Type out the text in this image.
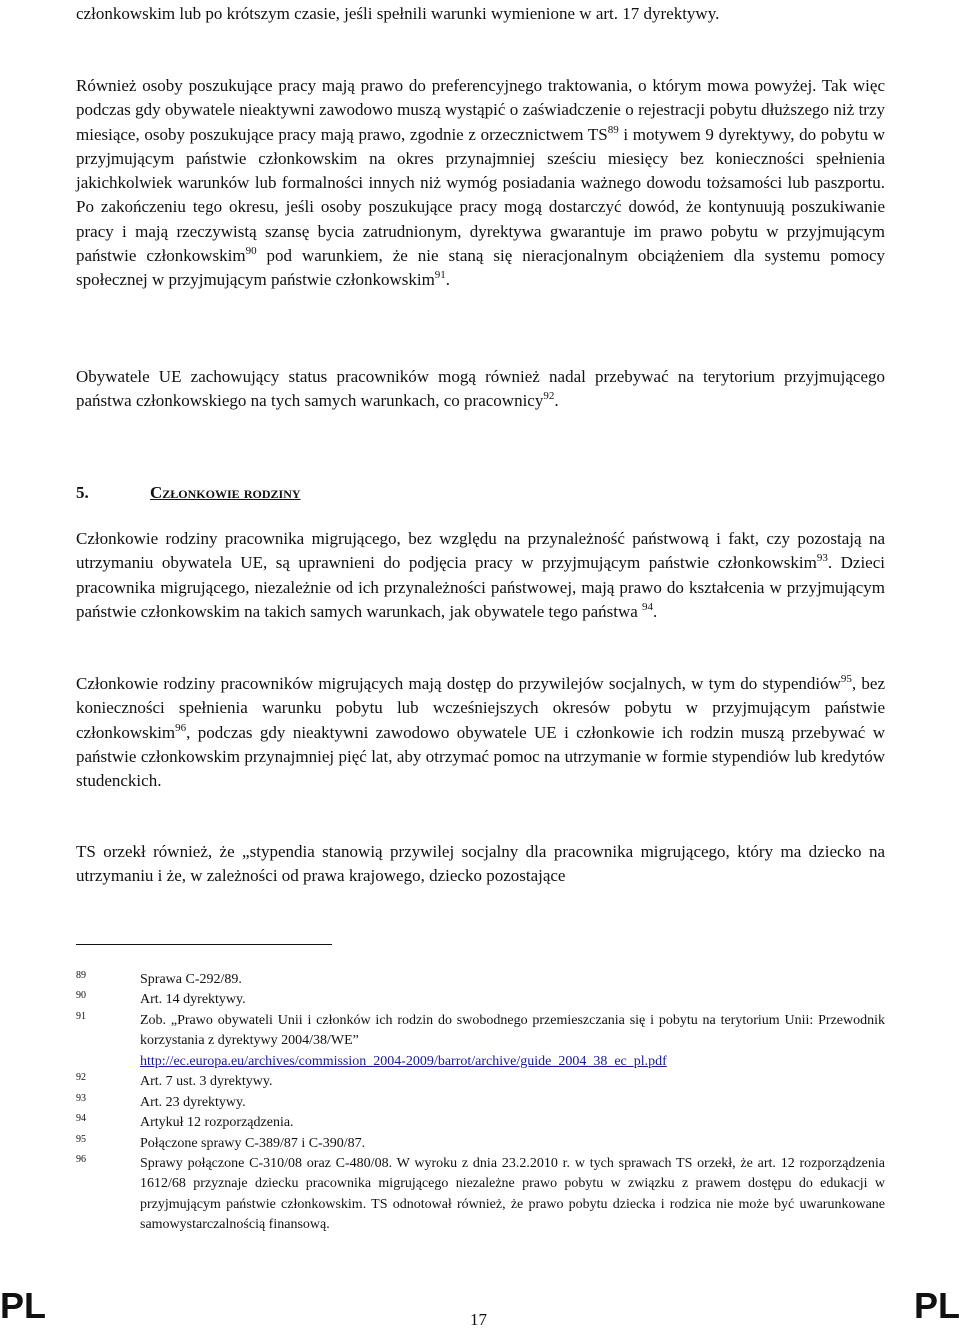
członkowskim lub po krótszym czasie, jeśli spełnili warunki wymienione w art. 17 dyrektywy.

Również osoby poszukujące pracy mają prawo do preferencyjnego traktowania, o którym mowa powyżej. Tak więc podczas gdy obywatele nieaktywni zawodowo muszą wystąpić o zaświadczenie o rejestracji pobytu dłuższego niż trzy miesiące, osoby poszukujące pracy mają prawo, zgodnie z orzecznictwem TS$^{89}$ i motywem 9 dyrektywy, do pobytu w przyjmującym państwie członkowskim na okres przynajmniej sześciu miesięcy bez konieczności spełnienia jakichkolwiek warunków lub formalności innych niż wymóg posiadania ważnego dowodu tożsamości lub paszportu. Po zakończeniu tego okresu, jeśli osoby poszukujące pracy mogą dostarczyć dowód, że kontynuują poszukiwanie pracy i mają rzeczywistą szansę bycia zatrudnionym, dyrektywa gwarantuje im prawo pobytu w przyjmującym państwie członkowskim$^{90}$ pod warunkiem, że nie staną się nieracjonalnym obciążeniem dla systemu pomocy społecznej w przyjmującym państwie członkowskim$^{91}$.

Obywatele UE zachowujący status pracowników mogą również nadal przebywać na terytorium przyjmującego państwa członkowskiego na tych samych warunkach, co pracownicy$^{92}$.

5.	Członkowie rodziny

Członkowie rodziny pracownika migrującego, bez względu na przynależność państwową i fakt, czy pozostają na utrzymaniu obywatela UE, są uprawnieni do podjęcia pracy w przyjmującym państwie członkowskim$^{93}$. Dzieci pracownika migrującego, niezależnie od ich przynależności państwowej, mają prawo do kształcenia w przyjmującym państwie członkowskim na takich samych warunkach, jak obywatele tego państwa $^{94}$.

Członkowie rodziny pracowników migrujących mają dostęp do przywilejów socjalnych, w tym do stypendiów$^{95}$, bez konieczności spełnienia warunku pobytu lub wcześniejszych okresów pobytu w przyjmującym państwie członkowskim$^{96}$, podczas gdy nieaktywni zawodowo obywatele UE i członkowie ich rodzin muszą przebywać w państwie członkowskim przynajmniej pięć lat, aby otrzymać pomoc na utrzymanie w formie stypendiów lub kredytów studenckich.

TS orzekł również, że „stypendia stanowią przywilej socjalny dla pracownika migrującego, który ma dziecko na utrzymaniu i że, w zależności od prawa krajowego, dziecko pozostające

89	Sprawa C-292/89.
90	Art. 14 dyrektywy.
91	Zob. „Prawo obywateli Unii i członków ich rodzin do swobodnego przemieszczania się i pobytu na terytorium Unii: Przewodnik korzystania z dyrektywy 2004/38/WE”
http://ec.europa.eu/archives/commission_2004-2009/barrot/archive/guide_2004_38_ec_pl.pdf
92	Art. 7 ust. 3 dyrektywy.
93	Art. 23 dyrektywy.
94	Artykuł 12 rozporządzenia.
95	Połączone sprawy C-389/87 i C-390/87.
96	Sprawy połączone C-310/08 oraz C-480/08. W wyroku z dnia 23.2.2010 r. w tych sprawach TS orzekł, że art. 12 rozporządzenia 1612/68 przyznaje dziecku pracownika migrującego niezależne prawo pobytu w związku z prawem dostępu do edukacji w przyjmującym państwie członkowskim. TS odnotował również, że prawo pobytu dziecka i rodzica nie może być uwarunkowane samowystarczalnością finansową.
PL	17	PL
